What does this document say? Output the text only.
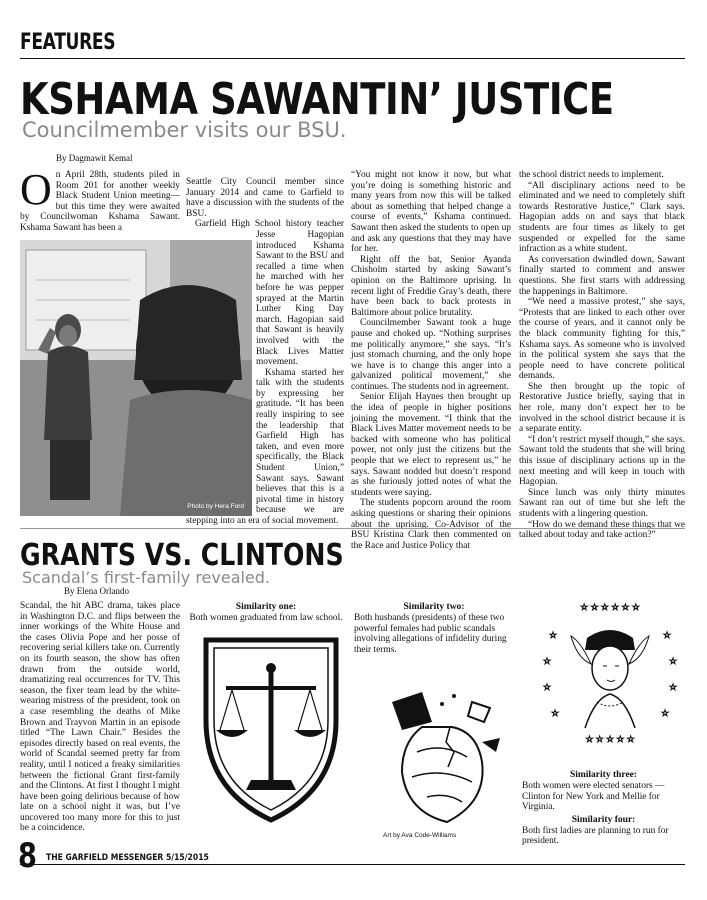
FEATURES
KSHAMA SAWANTIN’ JUSTICE
Councilmember visits our BSU.
By Dagmawit Kemal

On April 28th, students piled in Room 201 for another weekly Black Student Union meeting—but this time they were awaited by Councilwoman Kshama Sawant. Kshama Sawant has been a

Photo by Hera Ford

Seattle City Council member since January 2014 and came to Garfield to have a discussion with the students of the BSU.

Garfield High School history teacher Jesse Hagopian introduced Kshama Sawant to the BSU and recalled a time when he marched with her before he was pepper sprayed at the Martin Luther King Day march. Hagopian said that Sawant is heavily involved with the Black Lives Matter movement.

Kshama started her talk with the students by expressing her gratitude. “It has been really inspiring to see the leadership that Garfield High has taken, and even more specifically, the Black Student Union,” Sawant says. Sawant believes that this is a pivotal time in history because we are stepping into an era of social movement.

“You might not know it now, but what you’re doing is something historic and many years from now this will be talked about as something that helped change a course of events,” Kshama continued. Sawant then asked the students to open up and ask any questions that they may have for her.

Right off the bat, Senior Ayanda Chisholm started by asking Sawant’s opinion on the Baltimore uprising. In recent light of Freddie Gray’s death, there have been back to back protests in Baltimore about police brutality.

Councilmember Sawant took a huge pause and choked up. “Nothing surprises me politically anymore,” she says. “It’s just stomach churning, and the only hope we have is to change this anger into a galvanized political movement,” she continues. The students nod in agreement.

Senior Elijah Haynes then brought up the idea of people in higher positions joining the movement. “I think that the Black Lives Matter movement needs to be backed with someone who has political power, not only just the citizens but the people that we elect to represent us,” he says. Sawant nodded but doesn’t respond as she furiously jotted notes of what the students were saying.

The students popcorn around the room asking questions or sharing their opinions about the uprising. Co-Advisor of the BSU Kristina Clark then commented on the Race and Justice Policy that

the school district needs to implement.

“All disciplinary actions need to be eliminated and we need to completely shift towards Restorative Justice,” Clark says. Hagopian adds on and says that black students are four times as likely to get suspended or expelled for the same infraction as a white student.

As conversation dwindled down, Sawant finally started to comment and answer questions. She first starts with addressing the happenings in Baltimore.

“We need a massive protest,” she says, “Protests that are linked to each other over the course of years, and it cannot only be the black community fighting for this,” Kshama says. As someone who is involved in the political system she says that the people need to have concrete political demands.

She then brought up the topic of Restorative Justice briefly, saying that in her role, many don’t expect her to be involved in the school district because it is a separate entity.

“I don’t restrict myself though,” she says. Sawant told the students that she will bring this issue of disciplinary actions up in the next meeting and will keep in touch with Hagopian.

Since lunch was only thirty minutes Sawant ran out of time but she left the students with a lingering question.

“How do we demand these things that we talked about today and take action?”

GRANTS VS. CLINTONS
Scandal’s first-family revealed.
By Elena Orlando

Scandal, the hit ABC drama, takes place in Washington D.C. and flips between the inner workings of the White House and the cases Olivia Pope and her posse of recovering serial killers take on. Currently on its fourth season, the show has often drawn from the outside world, dramatizing real occurrences for TV. This season, the fixer team lead by the white-wearing mistress of the president, took on a case resembling the deaths of Mike Brown and Trayvon Martin in an episode titled “The Lawn Chair.” Besides the episodes directly based on real events, the world of Scandal seemed pretty far from reality, until I noticed a freaky similarities between the fictional Grant first-family and the Clintons. At first I thought I might have been going delirious because of how late on a school night it was, but I’ve uncovered too many more for this to just be a coincidence.

Similarity one:
Both women graduated from law school.
Similarity two:
Both husbands (presidents) of these two powerful females had public scandals involving allegations of infidelity during their terms.
Art by Ava Code-Williams
☆ ☆ ☆ ☆ ☆ ☆
☆
☆
☆
☆
☆
☆
☆
☆
☆ ☆ ☆ ☆ ☆
Similarity three:
Both women were elected senators — Clinton for New York and Mellie for Virginia.
Similarity four:
Both first ladies are planning to run for president.
8 THE GARFIELD MESSENGER 5/15/2015
